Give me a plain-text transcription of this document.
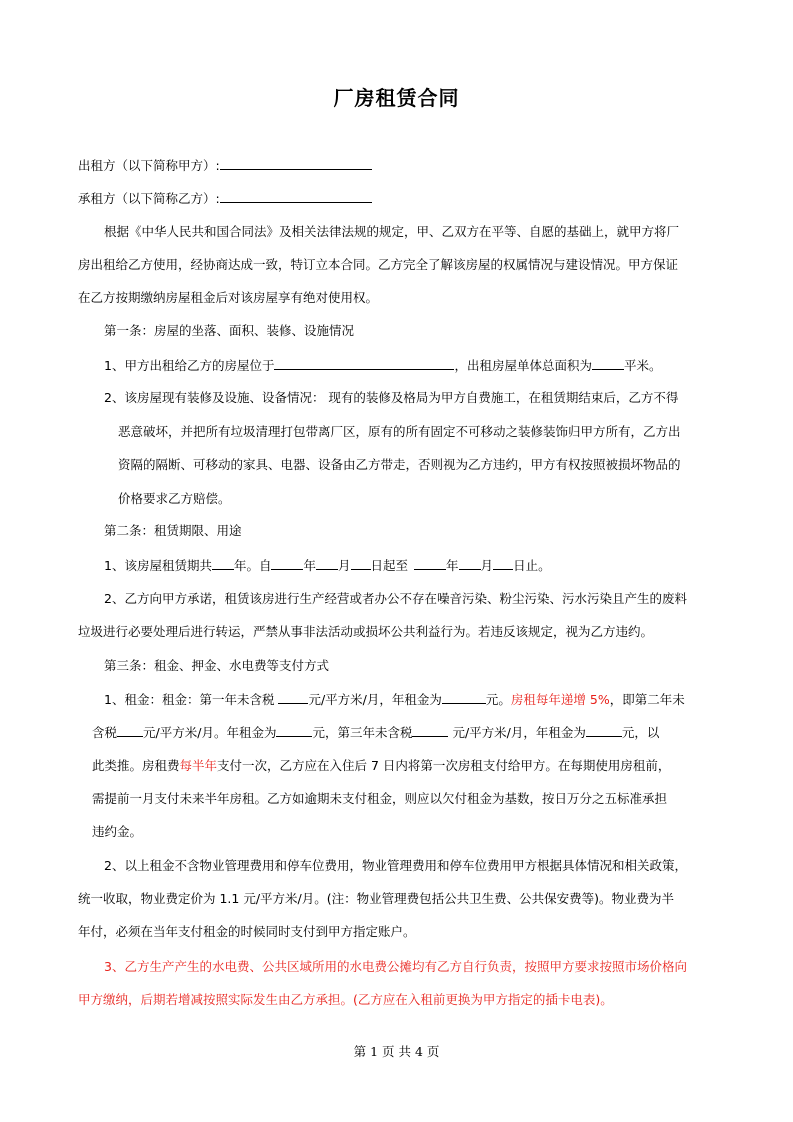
厂房租赁合同
出租方（以下简称甲方）:
承租方（以下简称乙方）:
根据《中华人民共和国合同法》及相关法律法规的规定，甲、乙双方在平等、自愿的基础上，就甲方将厂
房出租给乙方使用，经协商达成一致，特订立本合同。乙方完全了解该房屋的权属情况与建设情况。甲方保证
在乙方按期缴纳房屋租金后对该房屋享有绝对使用权。
第一条：房屋的坐落、面积、装修、设施情况
1、甲方出租给乙方的房屋位于	，出租房屋单体总面积为	平米。
2、该房屋现有装修及设施、设备情况： 现有的装修及格局为甲方自费施工，在租赁期结束后，乙方不得
恶意破坏，并把所有垃圾清理打包带离厂区，原有的所有固定不可移动之装修装饰归甲方所有，乙方出
资隔的隔断、可移动的家具、电器、设备由乙方带走，否则视为乙方违约，甲方有权按照被损坏物品的
价格要求乙方赔偿。
第二条：租赁期限、用途
1、该房屋租赁期共 年。自	年 月 日起至	年 月 日止。
2、乙方向甲方承诺，租赁该房进行生产经营或者办公不存在噪音污染、粉尘污染、污水污染且产生的废料
垃圾进行必要处理后进行转运，严禁从事非法活动或损坏公共利益行为。若违反该规定，视为乙方违约。
第三条：租金、押金、水电费等支付方式
1、租金：租金：第一年未含税 元/平方米/月，年租金为	元。房租每年递增 5%，即第二年未
含税 元/平方米/月。年租金为	元，第三年未含税	元/平方米/月，年租金为	元，以
此类推。房租费每半年支付一次，乙方应在入住后 7 日内将第一次房租支付给甲方。在每期使用房租前，
需提前一月支付未来半年房租。乙方如逾期未支付租金，则应以欠付租金为基数，按日万分之五标准承担
违约金。
2、以上租金不含物业管理费用和停车位费用，物业管理费用和停车位费用甲方根据具体情况和相关政策，
统一收取，物业费定价为 1.1 元/平方米/月。(注：物业管理费包括公共卫生费、公共保安费等)。物业费为半
年付，必须在当年支付租金的时候同时支付到甲方指定账户。
3、乙方生产产生的水电费、公共区域所用的水电费公摊均有乙方自行负责，按照甲方要求按照市场价格向
甲方缴纳，后期若增减按照实际发生由乙方承担。(乙方应在入租前更换为甲方指定的插卡电表)。
第 1 页 共 4 页
